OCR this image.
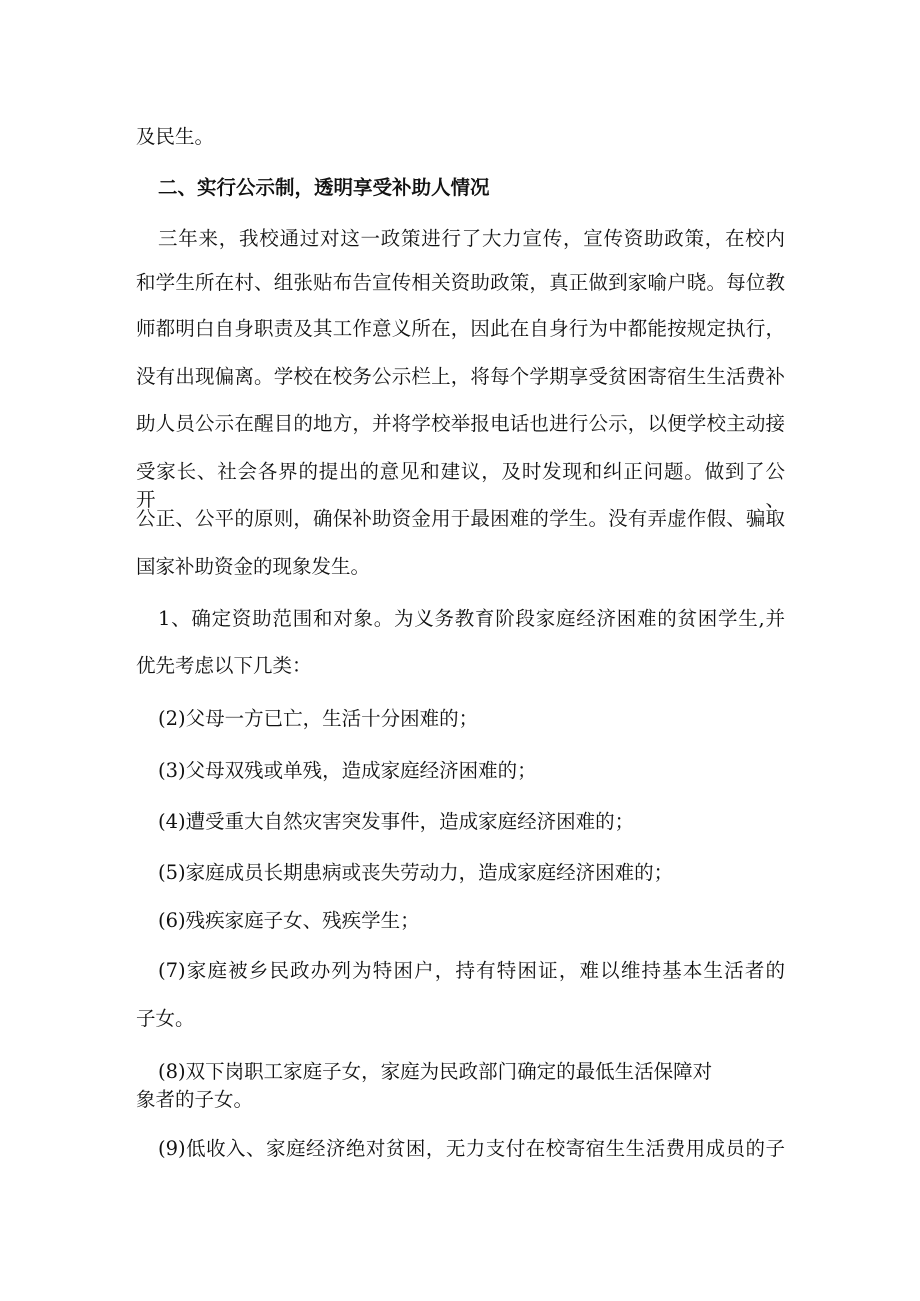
及民生。
二、实行公示制，透明享受补助人情况
三年来，我校通过对这一政策进行了大力宣传，宣传资助政策，在校内
和学生所在村、组张贴布告宣传相关资助政策，真正做到家喻户晓。每位教
师都明白自身职责及其工作意义所在，因此在自身行为中都能按规定执行，
没有出现偏离。学校在校务公示栏上，将每个学期享受贫困寄宿生生活费补
助人员公示在醒目的地方，并将学校举报电话也进行公示，以便学校主动接
受家长、社会各界的提出的意见和建议，及时发现和纠正问题。做到了公开、
公正、公平的原则，确保补助资金用于最困难的学生。没有弄虚作假、骗取
国家补助资金的现象发生。
1、确定资助范围和对象。为义务教育阶段家庭经济困难的贫困学生,并
优先考虑以下几类：
(2)父母一方已亡，生活十分困难的；
(3)父母双残或单残，造成家庭经济困难的；
(4)遭受重大自然灾害突发事件，造成家庭经济困难的；
(5)家庭成员长期患病或丧失劳动力，造成家庭经济困难的；
(6)残疾家庭子女、残疾学生；
(7)家庭被乡民政办列为特困户，持有特困证，难以维持基本生活者的
子女。
(8)双下岗职工家庭子女，家庭为民政部门确定的最低生活保障对
象者的子女。
(9)低收入、家庭经济绝对贫困，无力支付在校寄宿生生活费用成员的子
